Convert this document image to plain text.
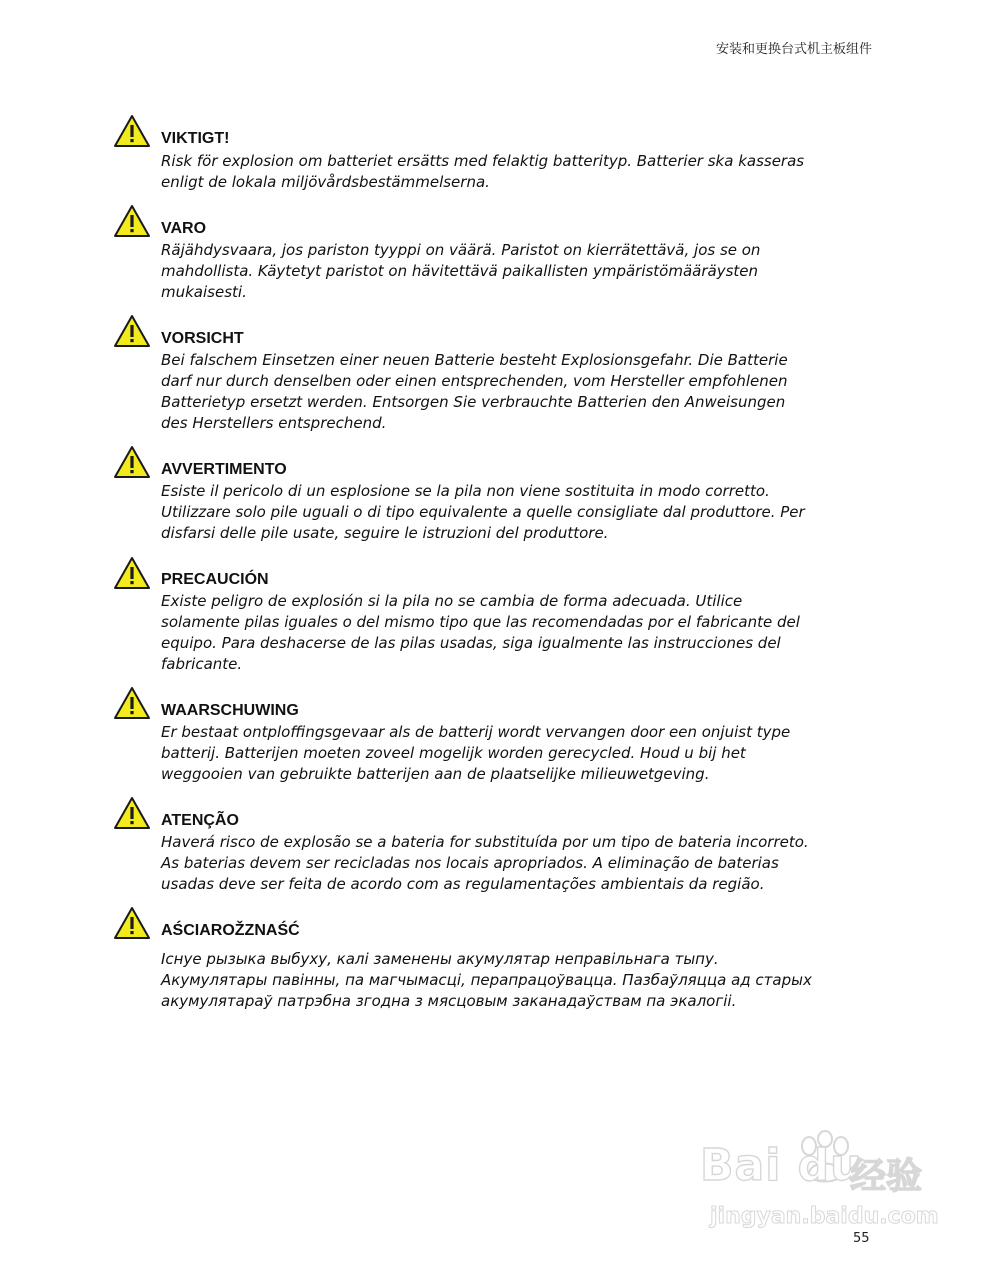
安装和更换台式机主板组件
VIKTIGT!

Risk för explosion om batteriet ersätts med felaktig batterityp. Batterier ska kasseras
enligt de lokala miljövårdsbestämmelserna.

VARO

Räjähdysvaara, jos pariston tyyppi on väärä. Paristot on kierrätettävä, jos se on
mahdollista. Käytetyt paristot on hävitettävä paikallisten ympäristömääräysten
mukaisesti.

VORSICHT

Bei falschem Einsetzen einer neuen Batterie besteht Explosionsgefahr. Die Batterie
darf nur durch denselben oder einen entsprechenden, vom Hersteller empfohlenen
Batterietyp ersetzt werden. Entsorgen Sie verbrauchte Batterien den Anweisungen
des Herstellers entsprechend.

AVVERTIMENTO

Esiste il pericolo di un esplosione se la pila non viene sostituita in modo corretto.
Utilizzare solo pile uguali o di tipo equivalente a quelle consigliate dal produttore. Per
disfarsi delle pile usate, seguire le istruzioni del produttore.

PRECAUCIÓN

Existe peligro de explosión si la pila no se cambia de forma adecuada. Utilice
solamente pilas iguales o del mismo tipo que las recomendadas por el fabricante del
equipo. Para deshacerse de las pilas usadas, siga igualmente las instrucciones del
fabricante.

WAARSCHUWING

Er bestaat ontploffingsgevaar als de batterij wordt vervangen door een onjuist type
batterij. Batterijen moeten zoveel mogelijk worden gerecycled. Houd u bij het
weggooien van gebruikte batterijen aan de plaatselijke milieuwetgeving.

ATENÇÃO

Haverá risco de explosão se a bateria for substituída por um tipo de bateria incorreto.
As baterias devem ser recicladas nos locais apropriados. A eliminação de baterias
usadas deve ser feita de acordo com as regulamentações ambientais da região.

AŚCIAROŽZNAŚĆ

Існуе рызыка выбуху, калі заменены акумулятар неправільнага тыпу.
Акумулятары павінны, па магчымасці, перапрацоўвацца. Пазбаўляцца ад старых
акумулятараў патрэбна згодна з мясцовым заканадаўствам па экалогіі.

Bai du
经验
jingyan.baidu.com
55
